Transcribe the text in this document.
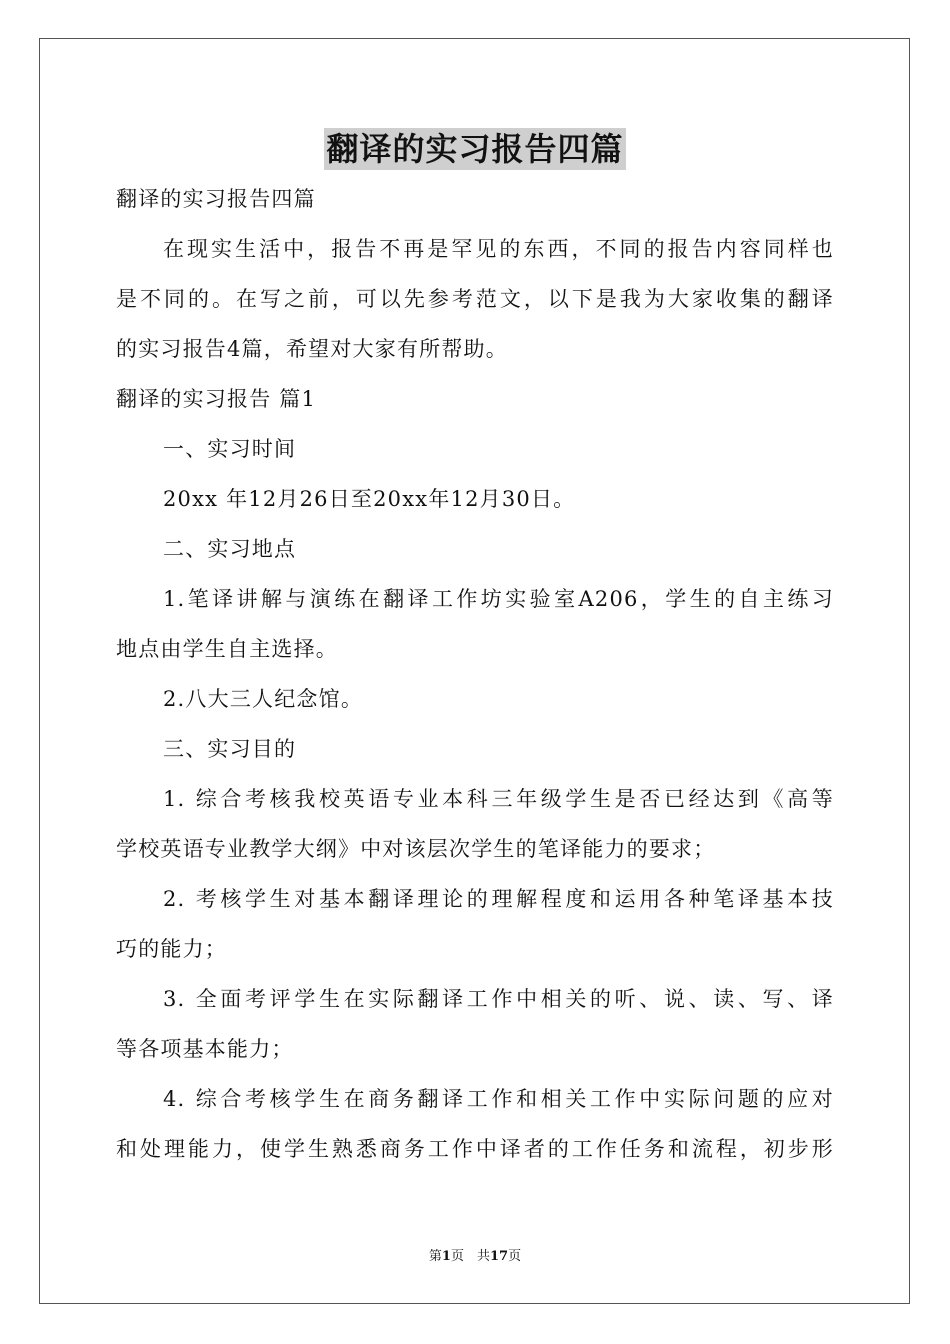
翻译的实习报告四篇
翻译的实习报告四篇
在现实生活中，报告不再是罕见的东西，不同的报告内容同样也
是不同的。在写之前，可以先参考范文，以下是我为大家收集的翻译
的实习报告4篇，希望对大家有所帮助。
翻译的实习报告 篇1
一、实习时间
20xx 年12月26日至20xx年12月30日。
二、实习地点
1.笔译讲解与演练在翻译工作坊实验室A206，学生的自主练习
地点由学生自主选择。
2.八大三人纪念馆。
三、实习目的
1. 综合考核我校英语专业本科三年级学生是否已经达到《高等
学校英语专业教学大纲》中对该层次学生的笔译能力的要求；
2. 考核学生对基本翻译理论的理解程度和运用各种笔译基本技
巧的能力；
3. 全面考评学生在实际翻译工作中相关的听、说、读、写、译
等各项基本能力；
4. 综合考核学生在商务翻译工作和相关工作中实际问题的应对
和处理能力，使学生熟悉商务工作中译者的工作任务和流程，初步形
第1页　共17页
